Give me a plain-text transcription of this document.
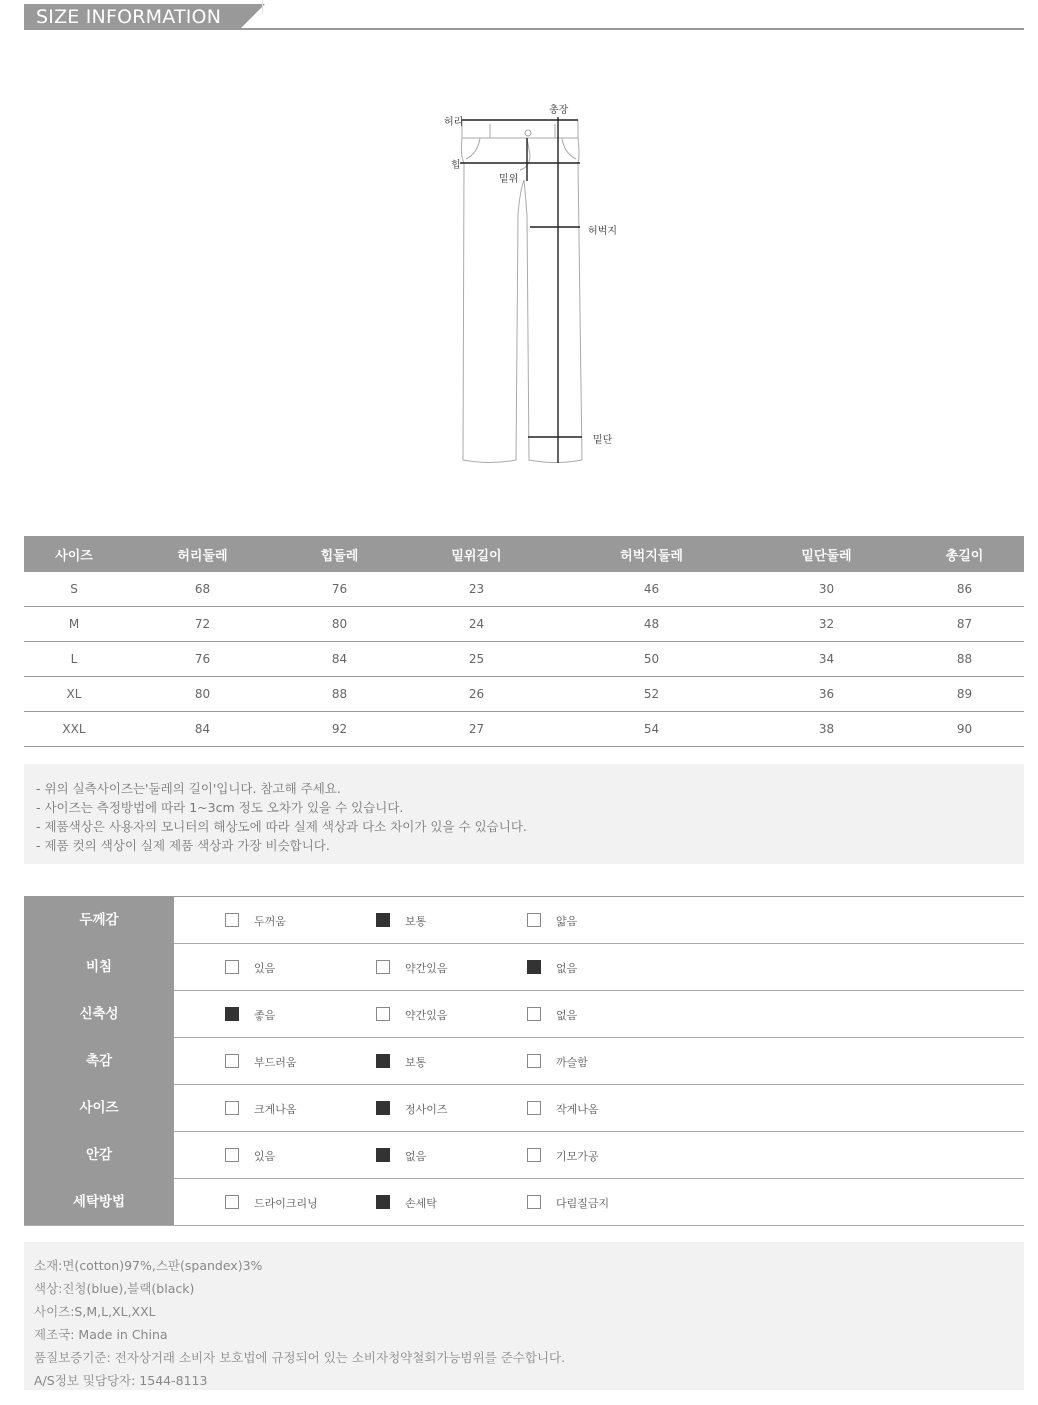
SIZE INFORMATION
허리
총장
힙
밑위
허벅지
밑단
사이즈	허리둘레	힙둘레	밑위길이	허벅지둘레	밑단둘레	총길이
S	68	76	23	46	30	86
M	72	80	24	48	32	87
L	76	84	25	50	34	88
XL	80	88	26	52	36	89
XXL	84	92	27	54	38	90
- 위의 실측사이즈는'둘레의 길이'입니다. 참고해 주세요.
- 사이즈는 측정방법에 따라 1~3cm 정도 오차가 있을 수 있습니다.
- 제품색상은 사용자의 모니터의 해상도에 따라 실제 색상과 다소 차이가 있을 수 있습니다.
- 제품 컷의 색상이 실제 제품 색상과 가장 비슷합니다.
두께감	두꺼움	보통	얇음
비침	있음	약간있음	없음
신축성	좋음	약간있음	없음
촉감	부드러움	보통	까슬함
사이즈	크게나옴	정사이즈	작게나옴
안감	있음	없음	기모가공
세탁방법	드라이크리닝	손세탁	다림질금지
소재:면(cotton)97%,스판(spandex)3%
색상:진청(blue),블랙(black)
사이즈:S,M,L,XL,XXL
제조국: Made in China
품질보증기준: 전자상거래 소비자 보호법에 규정되어 있는 소비자청약철회가능범위를 준수합니다.
A/S정보 및담당자: 1544-8113
